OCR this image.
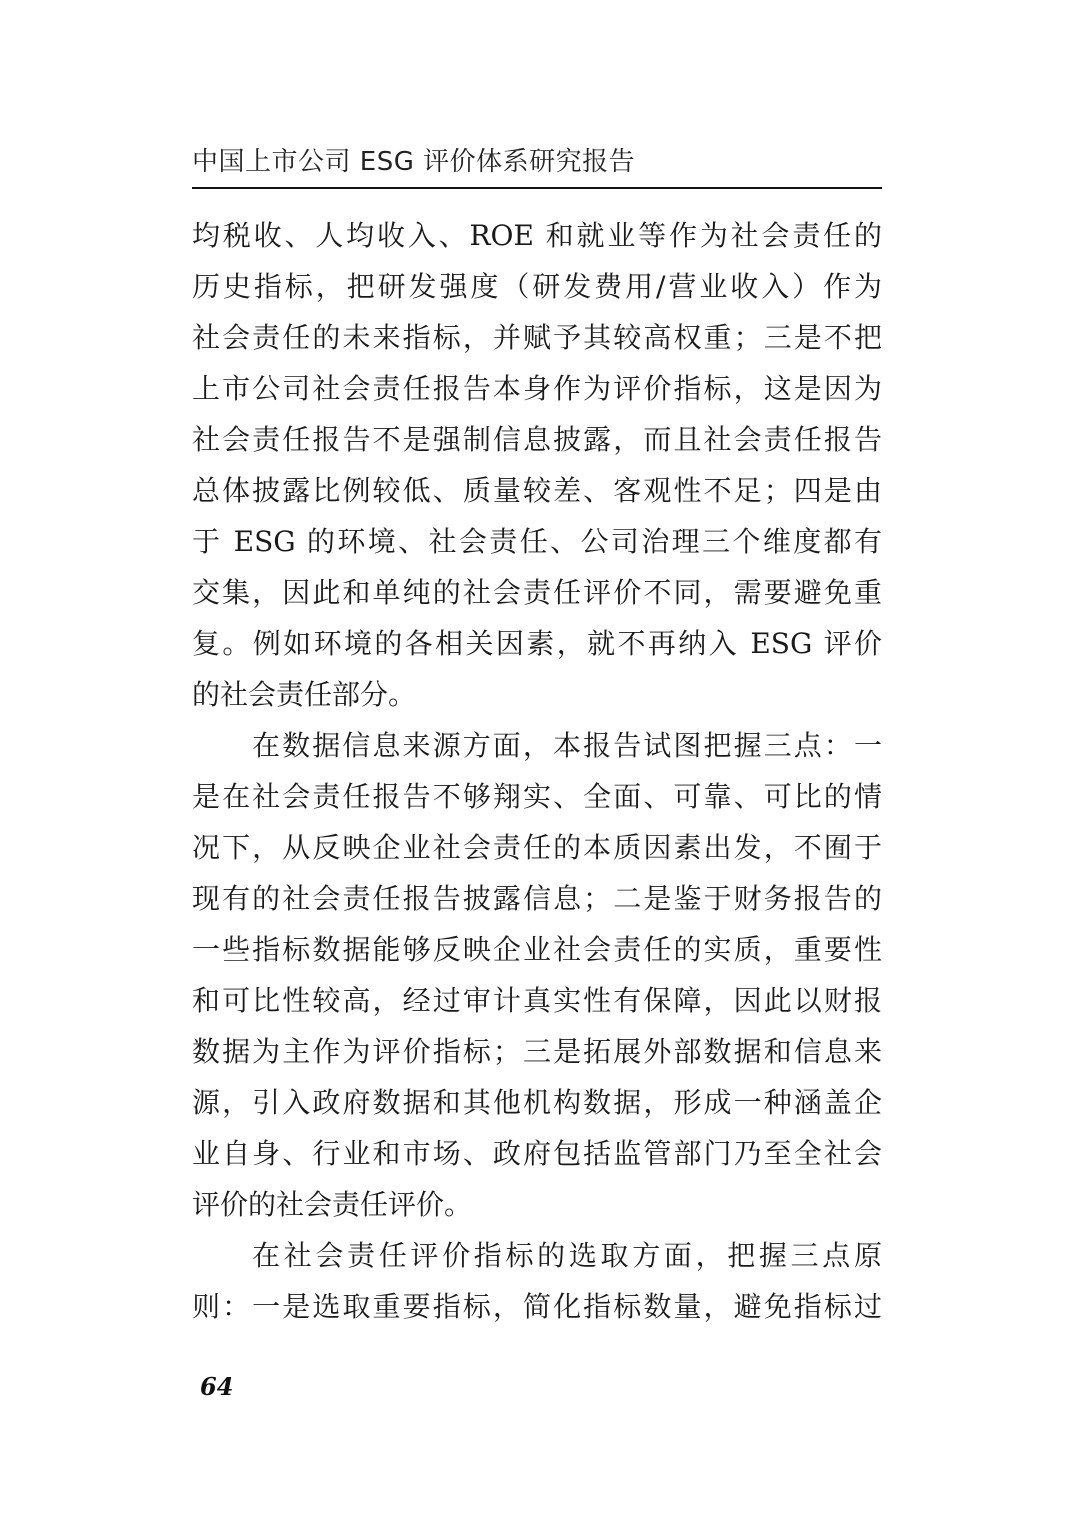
中国上市公司 ESG 评价体系研究报告
均税收、人均收入、ROE 和就业等作为社会责任的
历史指标，把研发强度（研发费用/营业收入）作为
社会责任的未来指标，并赋予其较高权重；三是不把
上市公司社会责任报告本身作为评价指标，这是因为
社会责任报告不是强制信息披露，而且社会责任报告
总体披露比例较低、质量较差、客观性不足；四是由
于 ESG 的环境、社会责任、公司治理三个维度都有
交集，因此和单纯的社会责任评价不同，需要避免重
复。例如环境的各相关因素，就不再纳入 ESG 评价
的社会责任部分。
在数据信息来源方面，本报告试图把握三点：一
是在社会责任报告不够翔实、全面、可靠、可比的情
况下，从反映企业社会责任的本质因素出发，不囿于
现有的社会责任报告披露信息；二是鉴于财务报告的
一些指标数据能够反映企业社会责任的实质，重要性
和可比性较高，经过审计真实性有保障，因此以财报
数据为主作为评价指标；三是拓展外部数据和信息来
源，引入政府数据和其他机构数据，形成一种涵盖企
业自身、行业和市场、政府包括监管部门乃至全社会
评价的社会责任评价。
在社会责任评价指标的选取方面，把握三点原
则：一是选取重要指标，简化指标数量，避免指标过
64
